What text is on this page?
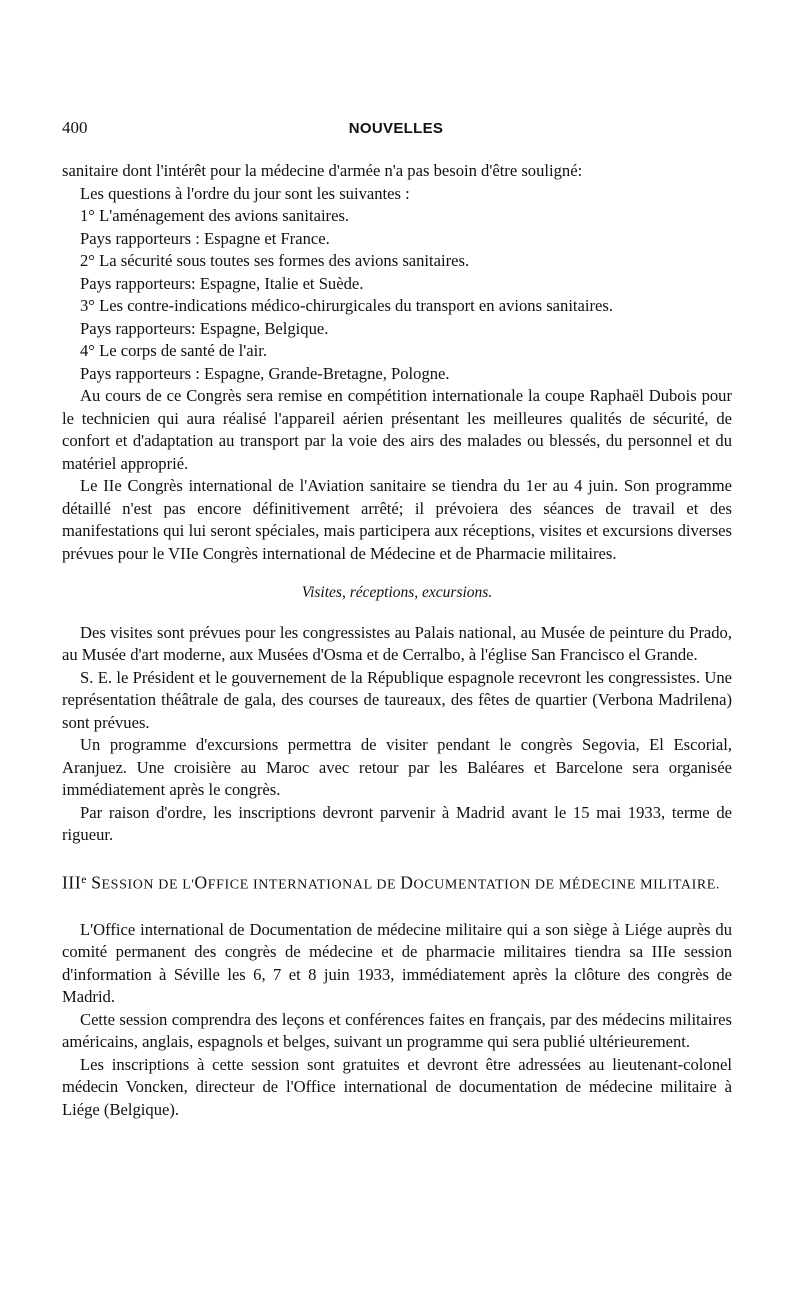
400	NOUVELLES

sanitaire dont l'intérêt pour la médecine d'armée n'a pas besoin d'être souligné:

Les questions à l'ordre du jour sont les suivantes :

1° L'aménagement des avions sanitaires.

Pays rapporteurs : Espagne et France.

2° La sécurité sous toutes ses formes des avions sanitaires.

Pays rapporteurs: Espagne, Italie et Suède.

3° Les contre-indications médico-chirurgicales du transport en avions sanitaires.

Pays rapporteurs: Espagne, Belgique.

4° Le corps de santé de l'air.

Pays rapporteurs : Espagne, Grande-Bretagne, Pologne.

Au cours de ce Congrès sera remise en compétition internationale la coupe Raphaël Dubois pour le technicien qui aura réalisé l'appareil aérien présentant les meilleures qualités de sécurité, de confort et d'adaptation au transport par la voie des airs des malades ou blessés, du personnel et du matériel approprié.

Le IIe Congrès international de l'Aviation sanitaire se tiendra du 1er au 4 juin. Son programme détaillé n'est pas encore définitivement arrêté; il prévoiera des séances de travail et des manifestations qui lui seront spéciales, mais participera aux réceptions, visites et excursions diverses prévues pour le VIIe Congrès international de Médecine et de Pharmacie militaires.

Visites, réceptions, excursions.

Des visites sont prévues pour les congressistes au Palais national, au Musée de peinture du Prado, au Musée d'art moderne, aux Musées d'Osma et de Cerralbo, à l'église San Francisco el Grande.

S. E. le Président et le gouvernement de la République espagnole recevront les congressistes. Une représentation théâtrale de gala, des courses de taureaux, des fêtes de quartier (Verbona Madrilena) sont prévues.

Un programme d'excursions permettra de visiter pendant le congrès Segovia, El Escorial, Aranjuez. Une croisière au Maroc avec retour par les Baléares et Barcelone sera organisée immédiatement après le congrès.

Par raison d'ordre, les inscriptions devront parvenir à Madrid avant le 15 mai 1933, terme de rigueur.

IIIe SESSION DE L'OFFICE INTERNATIONAL DE DOCUMENTATION DE MÉDECINE MILITAIRE.

L'Office international de Documentation de médecine militaire qui a son siège à Liége auprès du comité permanent des congrès de médecine et de pharmacie militaires tiendra sa IIIe session d'information à Séville les 6, 7 et 8 juin 1933, immédiatement après la clôture des congrès de Madrid.

Cette session comprendra des leçons et conférences faites en français, par des médecins militaires américains, anglais, espagnols et belges, suivant un programme qui sera publié ultérieurement.

Les inscriptions à cette session sont gratuites et devront être adressées au lieutenant-colonel médecin Voncken, directeur de l'Office international de documentation de médecine militaire à Liége (Belgique).
